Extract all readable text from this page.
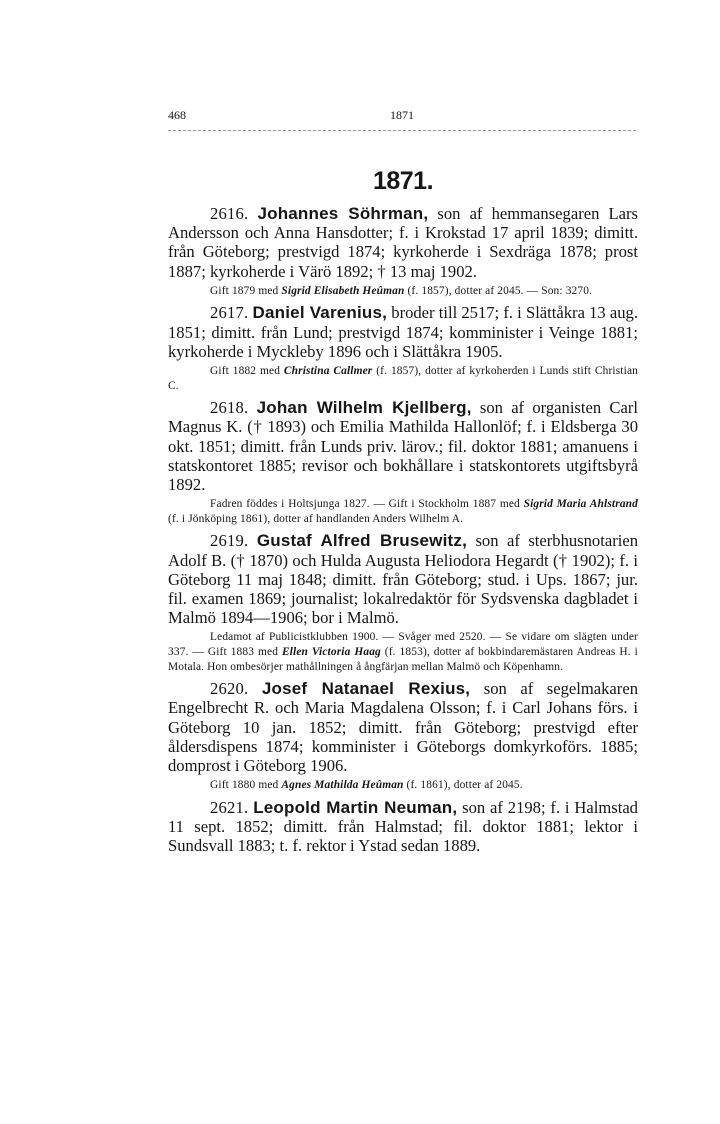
468	1871
1871.

2616. Johannes Söhrman, son af hemmansegaren Lars Andersson och Anna Hansdotter; f. i Krokstad 17 april 1839; dimitt. från Göteborg; prestvigd 1874; kyrkoherde i Sexdräga 1878; prost 1887; kyrkoherde i Värö 1892; † 13 maj 1902.

Gift 1879 med Sigrid Elisabeth Heûman (f. 1857), dotter af 2045. — Son: 3270.

2617. Daniel Varenius, broder till 2517; f. i Slättåkra 13 aug. 1851; dimitt. från Lund; prestvigd 1874; komminister i Veinge 1881; kyrkoherde i Myckleby 1896 och i Slättåkra 1905.

Gift 1882 med Christina Callmer (f. 1857), dotter af kyrkoherden i Lunds stift Christian C.

2618. Johan Wilhelm Kjellberg, son af organisten Carl Magnus K. († 1893) och Emilia Mathilda Hallonlöf; f. i Eldsberga 30 okt. 1851; dimitt. från Lunds priv. lärov.; fil. doktor 1881; amanuens i statskontoret 1885; revisor och bokhållare i statskontorets utgiftsbyrå 1892.

Fadren föddes i Holtsjunga 1827. — Gift i Stockholm 1887 med Sigrid Maria Ahlstrand (f. i Jönköping 1861), dotter af handlanden Anders Wilhelm A.

2619. Gustaf Alfred Brusewitz, son af sterbhusnotarien Adolf B. († 1870) och Hulda Augusta Heliodora Hegardt († 1902); f. i Göteborg 11 maj 1848; dimitt. från Göteborg; stud. i Ups. 1867; jur. fil. examen 1869; journalist; lokalredaktör för Sydsvenska dagbladet i Malmö 1894—1906; bor i Malmö.

Ledamot af Publicistklubben 1900. — Svåger med 2520. — Se vidare om slägten under 337. — Gift 1883 med Ellen Victoria Haag (f. 1853), dotter af bokbindaremästaren Andreas H. i Motala. Hon ombesörjer mathållningen å ångfärjan mellan Malmö och Köpenhamn.

2620. Josef Natanael Rexius, son af segelmakaren Engelbrecht R. och Maria Magdalena Olsson; f. i Carl Johans förs. i Göteborg 10 jan. 1852; dimitt. från Göteborg; prestvigd efter åldersdispens 1874; komminister i Göteborgs domkyrkoförs. 1885; domprost i Göteborg 1906.

Gift 1880 med Agnes Mathilda Heûman (f. 1861), dotter af 2045.

2621. Leopold Martin Neuman, son af 2198; f. i Halmstad 11 sept. 1852; dimitt. från Halmstad; fil. doktor 1881; lektor i Sundsvall 1883; t. f. rektor i Ystad sedan 1889.
